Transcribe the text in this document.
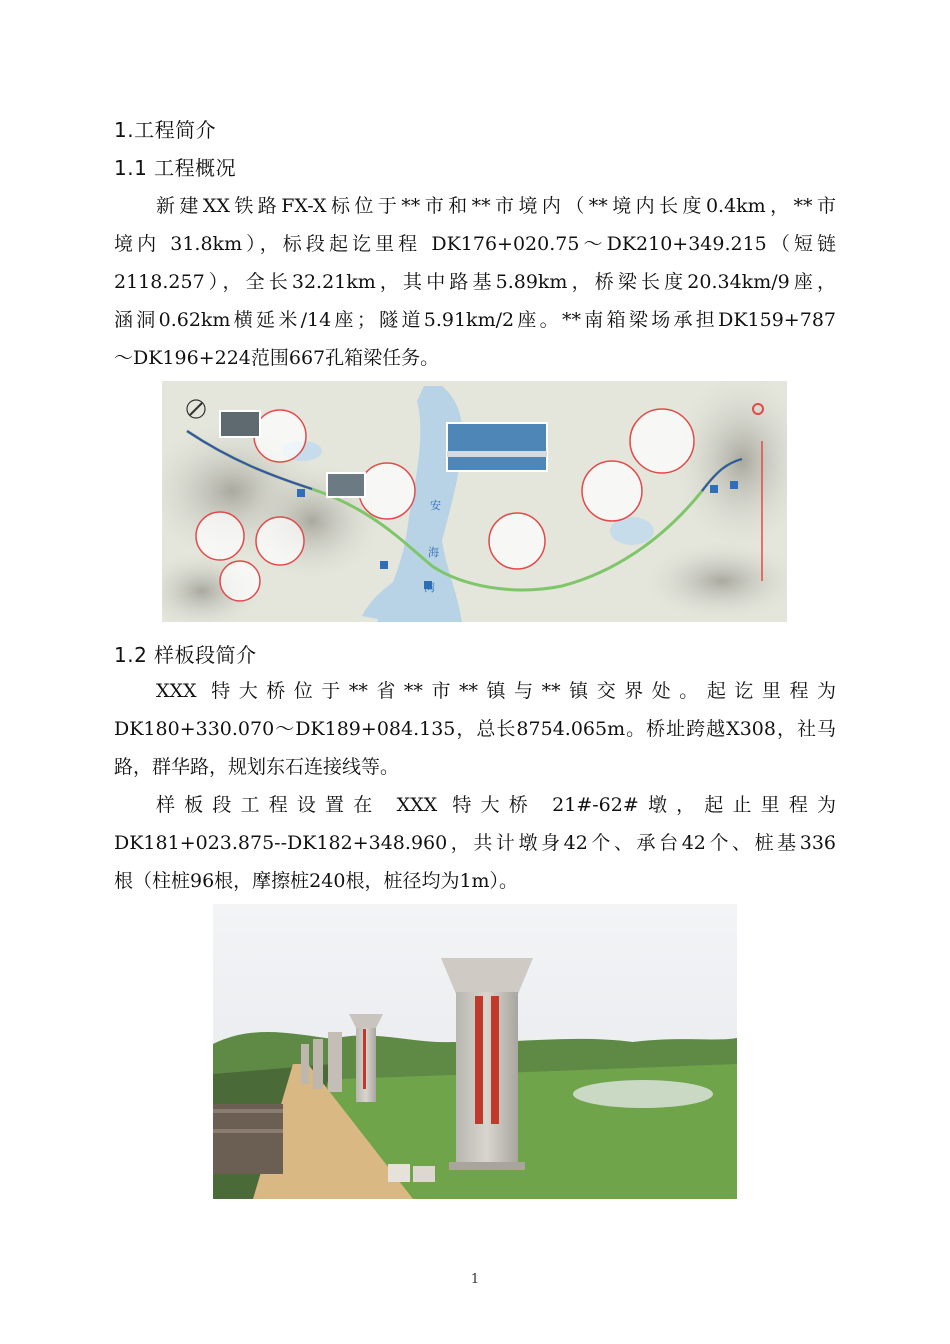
1.工程简介
1.1 工程概况
新建XX铁路FX-X标位于**市和**市境内（**境内长度0.4km，**市
境内 31.8km），标段起讫里程 DK176+020.75～DK210+349.215（短链
2118.257），全长32.21km，其中路基5.89km，桥梁长度20.34km/9座，
涵洞0.62km横延米/14座；隧道5.91km/2座。**南箱梁场承担DK159+787
～DK196+224范围667孔箱梁任务。
安
海
湾
1.2 样板段简介
XXX 特大桥位于**省**市**镇与**镇交界处。起讫里程为
DK180+330.070～DK189+084.135，总长8754.065m。桥址跨越X308，社马
路，群华路，规划东石连接线等。
样板段工程设置在 XXX 特大桥 21#-62#墩，起止里程为
DK181+023.875--DK182+348.960，共计墩身42个、承台42个、桩基336
根（柱桩96根，摩擦桩240根，桩径均为1m）。
1
